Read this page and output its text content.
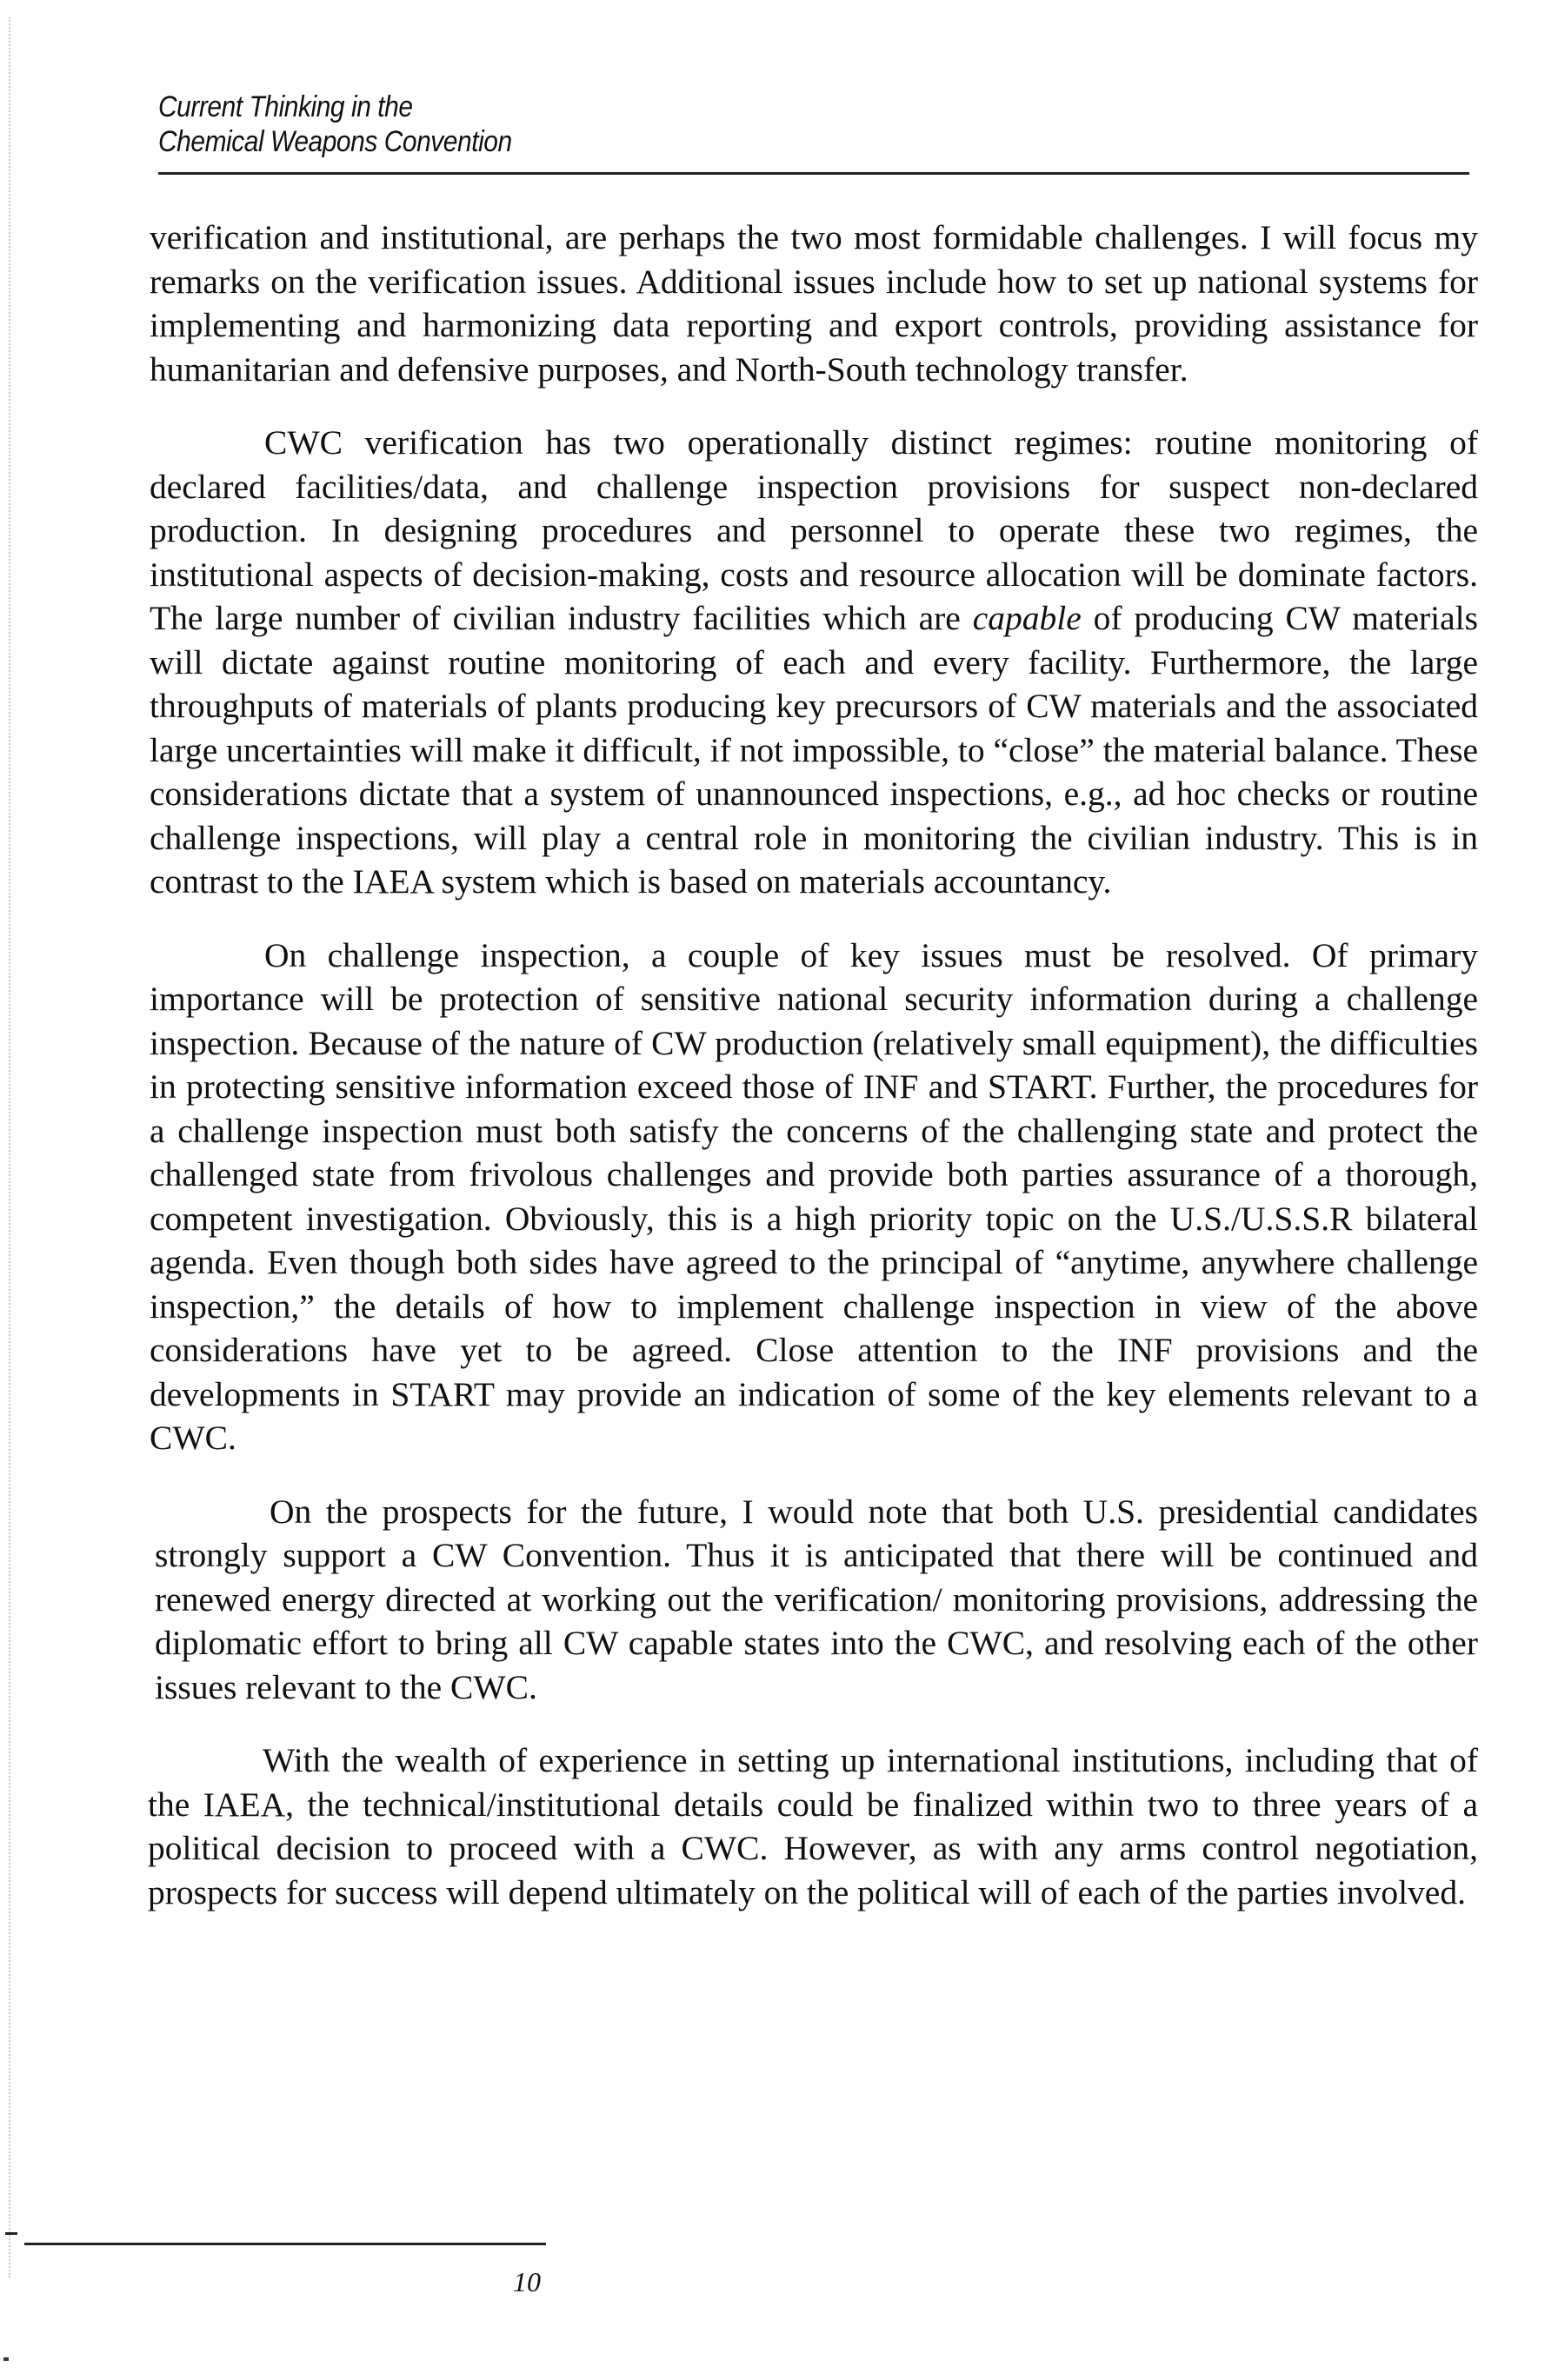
Current Thinking in the
Chemical Weapons Convention

verification and institutional, are perhaps the two most formidable challenges. I will focus my remarks on the verification issues. Additional issues include how to set up national systems for implementing and harmonizing data reporting and export controls, providing assistance for humanitarian and defensive purposes, and North-South technology transfer.

CWC verification has two operationally distinct regimes: routine monitoring of declared facilities/data, and challenge inspection provisions for suspect non-declared production. In designing procedures and personnel to operate these two regimes, the institutional aspects of decision-making, costs and resource allocation will be dominate factors. The large number of civilian industry facilities which are capable of producing CW materials will dictate against routine monitoring of each and every facility. Furthermore, the large throughputs of materials of plants producing key precursors of CW materials and the associated large uncertainties will make it difficult, if not impossible, to “close” the material balance. These considerations dictate that a system of unannounced inspections, e.g., ad hoc checks or routine challenge inspections, will play a central role in monitoring the civilian industry. This is in contrast to the IAEA system which is based on materials accountancy.

On challenge inspection, a couple of key issues must be resolved. Of primary importance will be protection of sensitive national security information during a challenge inspection. Because of the nature of CW production (relatively small equipment), the difficulties in protecting sensitive information exceed those of INF and START. Further, the procedures for a challenge inspection must both satisfy the concerns of the challenging state and protect the challenged state from frivolous challenges and provide both parties assurance of a thorough, competent investigation. Obviously, this is a high priority topic on the U.S./U.S.S.R bilateral agenda. Even though both sides have agreed to the principal of “anytime, anywhere challenge inspection,” the details of how to implement challenge inspection in view of the above considerations have yet to be agreed. Close attention to the INF provisions and the developments in START may provide an indication of some of the key elements relevant to a CWC.

On the prospects for the future, I would note that both U.S. presidential candidates strongly support a CW Convention. Thus it is anticipated that there will be continued and renewed energy directed at working out the verification/ monitoring provisions, addressing the diplomatic effort to bring all CW capable states into the CWC, and resolving each of the other issues relevant to the CWC.

With the wealth of experience in setting up international institutions, including that of the IAEA, the technical/institutional details could be finalized within two to three years of a political decision to proceed with a CWC. However, as with any arms control negotiation, prospects for success will depend ultimately on the political will of each of the parties involved.

10
